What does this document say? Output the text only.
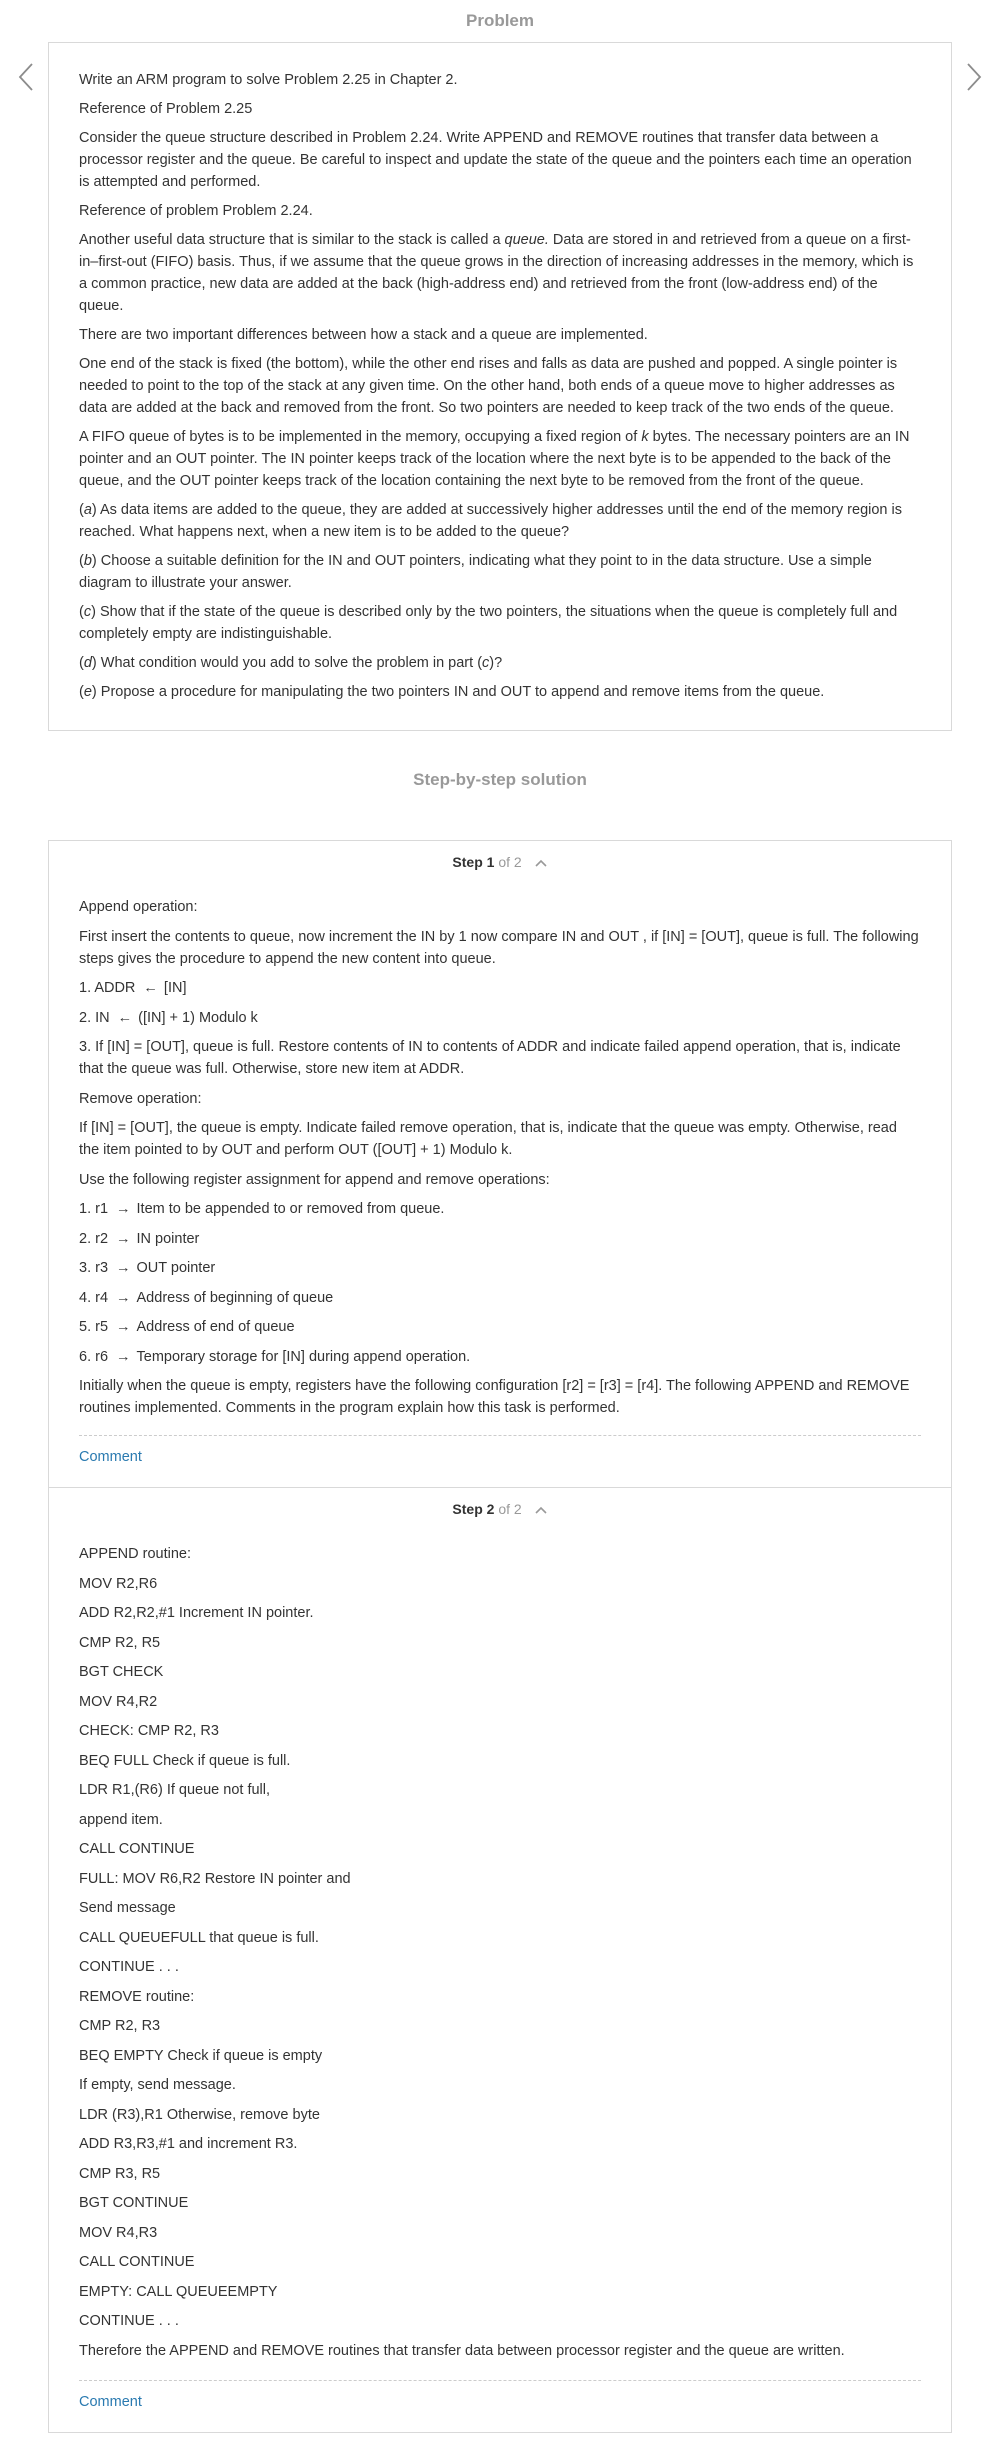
Problem
Write an ARM program to solve Problem 2.25 in Chapter 2.
Reference of Problem 2.25
Consider the queue structure described in Problem 2.24. Write APPEND and REMOVE routines that transfer data between a processor register and the queue. Be careful to inspect and update the state of the queue and the pointers each time an operation is attempted and performed.
Reference of problem Problem 2.24.
Another useful data structure that is similar to the stack is called a queue. Data are stored in and retrieved from a queue on a first-in–first-out (FIFO) basis. Thus, if we assume that the queue grows in the direction of increasing addresses in the memory, which is a common practice, new data are added at the back (high-address end) and retrieved from the front (low-address end) of the queue.
There are two important differences between how a stack and a queue are implemented.
One end of the stack is fixed (the bottom), while the other end rises and falls as data are pushed and popped. A single pointer is needed to point to the top of the stack at any given time. On the other hand, both ends of a queue move to higher addresses as data are added at the back and removed from the front. So two pointers are needed to keep track of the two ends of the queue.
A FIFO queue of bytes is to be implemented in the memory, occupying a fixed region of k bytes. The necessary pointers are an IN pointer and an OUT pointer. The IN pointer keeps track of the location where the next byte is to be appended to the back of the queue, and the OUT pointer keeps track of the location containing the next byte to be removed from the front of the queue.
(a) As data items are added to the queue, they are added at successively higher addresses until the end of the memory region is reached. What happens next, when a new item is to be added to the queue?
(b) Choose a suitable definition for the IN and OUT pointers, indicating what they point to in the data structure. Use a simple diagram to illustrate your answer.
(c) Show that if the state of the queue is described only by the two pointers, the situations when the queue is completely full and completely empty are indistinguishable.
(d) What condition would you add to solve the problem in part (c)?
(e) Propose a procedure for manipulating the two pointers IN and OUT to append and remove items from the queue.
Step-by-step solution
Step 1 of 2
Append operation:
First insert the contents to queue, now increment the IN by 1 now compare IN and OUT , if [IN] = [OUT], queue is full. The following steps gives the procedure to append the new content into queue.
1. ADDR ← [IN]
2. IN ← ([IN] + 1) Modulo k
3. If [IN] = [OUT], queue is full. Restore contents of IN to contents of ADDR and indicate failed append operation, that is, indicate that the queue was full. Otherwise, store new item at ADDR.
Remove operation:
If [IN] = [OUT], the queue is empty. Indicate failed remove operation, that is, indicate that the queue was empty. Otherwise, read the item pointed to by OUT and perform OUT ([OUT] + 1) Modulo k.
Use the following register assignment for append and remove operations:
1. r1 → Item to be appended to or removed from queue.
2. r2 → IN pointer
3. r3 → OUT pointer
4. r4 → Address of beginning of queue
5. r5 → Address of end of queue
6. r6 → Temporary storage for [IN] during append operation.
Initially when the queue is empty, registers have the following configuration [r2] = [r3] = [r4]. The following APPEND and REMOVE routines implemented. Comments in the program explain how this task is performed.
Comment
Step 2 of 2
APPEND routine:
MOV R2,R6
ADD R2,R2,#1 Increment IN pointer.
CMP R2, R5
BGT CHECK
MOV R4,R2
CHECK: CMP R2, R3
BEQ FULL Check if queue is full.
LDR R1,(R6) If queue not full,
append item.
CALL CONTINUE
FULL: MOV R6,R2 Restore IN pointer and
Send message
CALL QUEUEFULL that queue is full.
CONTINUE . . .
REMOVE routine:
CMP R2, R3
BEQ EMPTY Check if queue is empty
If empty, send message.
LDR (R3),R1 Otherwise, remove byte
ADD R3,R3,#1 and increment R3.
CMP R3, R5
BGT CONTINUE
MOV R4,R3
CALL CONTINUE
EMPTY: CALL QUEUEEMPTY
CONTINUE . . .
Therefore the APPEND and REMOVE routines that transfer data between processor register and the queue are written.
Comment
